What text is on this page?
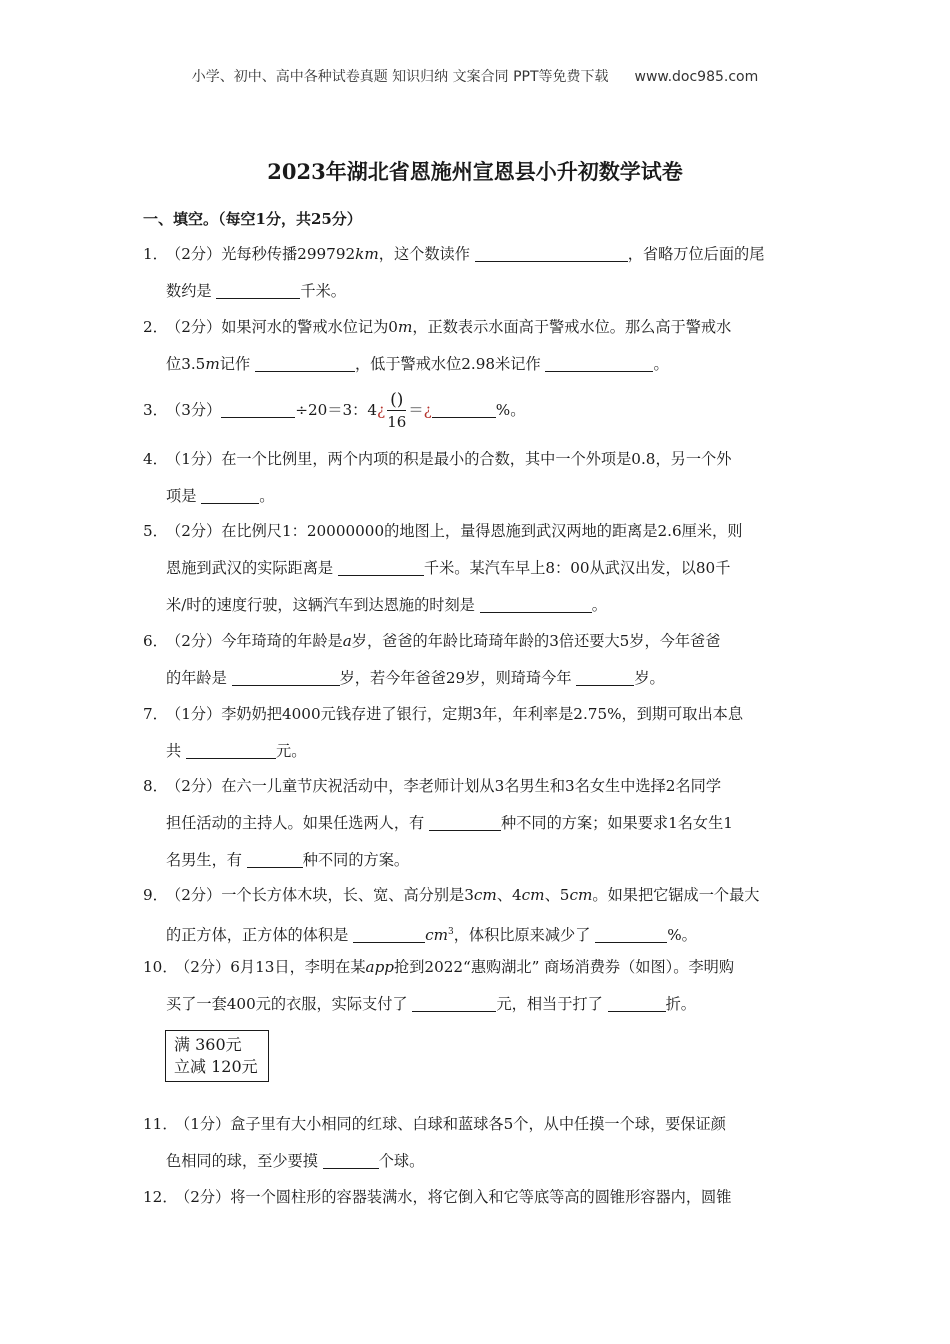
小学、初中、高中各种试卷真题 知识归纳 文案合同 PPT等免费下载 www.doc985.com
2023年湖北省恩施州宣恩县小升初数学试卷
一、填空。（每空1分，共25分）
1．（2分）光每秒传播299792km，这个数读作	，省略万位后面的尾
数约是	千米。
2．（2分）如果河水的警戒水位记为0m，正数表示水面高于警戒水位。那么高于警戒水
位3.5m记作	，低于警戒水位2.98米记作	。
3．（3分）	÷20＝3：4¿ $\frac{()}{16}$ ＝¿	%。
4．（1分）在一个比例里，两个内项的积是最小的合数，其中一个外项是0.8，另一个外
项是	。
5．（2分）在比例尺1：20000000的地图上，量得恩施到武汉两地的距离是2.6厘米，则
恩施到武汉的实际距离是	千米。某汽车早上8：00从武汉出发，以80千
米/时的速度行驶，这辆汽车到达恩施的时刻是	。
6．（2分）今年琦琦的年龄是a岁，爸爸的年龄比琦琦年龄的3倍还要大5岁，今年爸爸
的年龄是	岁，若今年爸爸29岁，则琦琦今年	岁。
7．（1分）李奶奶把4000元钱存进了银行，定期3年，年利率是2.75%，到期可取出本息
共	元。
8．（2分）在六一儿童节庆祝活动中，李老师计划从3名男生和3名女生中选择2名同学
担任活动的主持人。如果任选两人，有	种不同的方案；如果要求1名女生1
名男生，有	种不同的方案。
9．（2分）一个长方体木块，长、宽、高分别是3cm、4cm、5cm。如果把它锯成一个最大
的正方体，正方体的体积是	$cm^3$，体积比原来减少了	%。
10．（2分）6月13日，李明在某app抢到2022“惠购湖北” 商场消费券（如图）。李明购
买了一套400元的衣服，实际支付了	元，相当于打了	折。
满 360元
立减 120元
11．（1分）盒子里有大小相同的红球、白球和蓝球各5个，从中任摸一个球，要保证颜
色相同的球，至少要摸	个球。
12．（2分）将一个圆柱形的容器装满水，将它倒入和它等底等高的圆锥形容器内，圆锥
